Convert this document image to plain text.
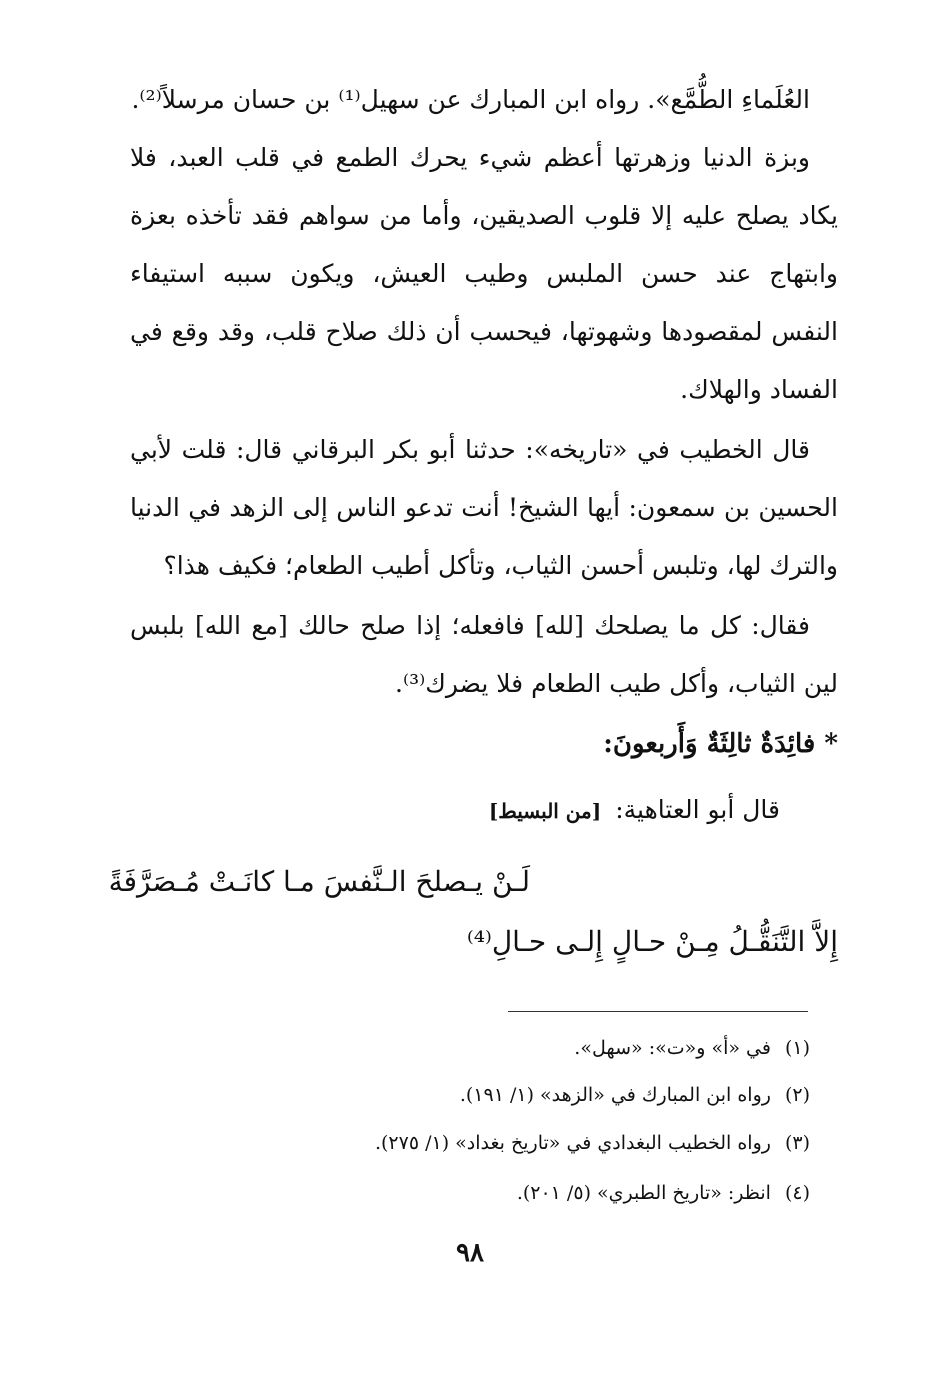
العُلَماءِ الطُّمَّع». رواه ابن المبارك عن سهيل⁽¹⁾ بن حسان مرسلاً⁽²⁾.
وبزة الدنيا وزهرتها أعظم شيء يحرك الطمع في قلب العبد، فلا
يكاد يصلح عليه إلا قلوب الصديقين، وأما من سواهم فقد تأخذه بعزة
وابتهاج عند حسن الملبس وطيب العيش، ويكون سببه استيفاء
النفس لمقصودها وشهوتها، فيحسب أن ذلك صلاح قلب، وقد وقع في
الفساد والهلاك.
قال الخطيب في «تاريخه»: حدثنا أبو بكر البرقاني قال: قلت لأبي
الحسين بن سمعون: أيها الشيخ! أنت تدعو الناس إلى الزهد في الدنيا
والترك لها، وتلبس أحسن الثياب، وتأكل أطيب الطعام؛ فكيف هذا؟
فقال: كل ما يصلحك [لله] فافعله؛ إذا صلح حالك [مع الله] بلبس
لين الثياب، وأكل طيب الطعام فلا يضرك⁽³⁾.
* فائِدَةٌ ثالِثَةٌ وَأَربعونَ:
قال أبو العتاهية:[من البسيط]
لَـنْ يـصلحَ الـنَّفسَ مـا كانَـتْ مُـصَرَّفَةً
إِلاَّ التَّنَقُّـلُ مِـنْ حـالٍ إِلـى حـالِ⁽⁴⁾
(١)في «أ» و«ت»: «سهل».
(٢)رواه ابن المبارك في «الزهد» (١/ ١٩١).
(٣)رواه الخطيب البغدادي في «تاريخ بغداد» (١/ ٢٧٥).
(٤)انظر: «تاريخ الطبري» (٥/ ٢٠١).
٩٨
